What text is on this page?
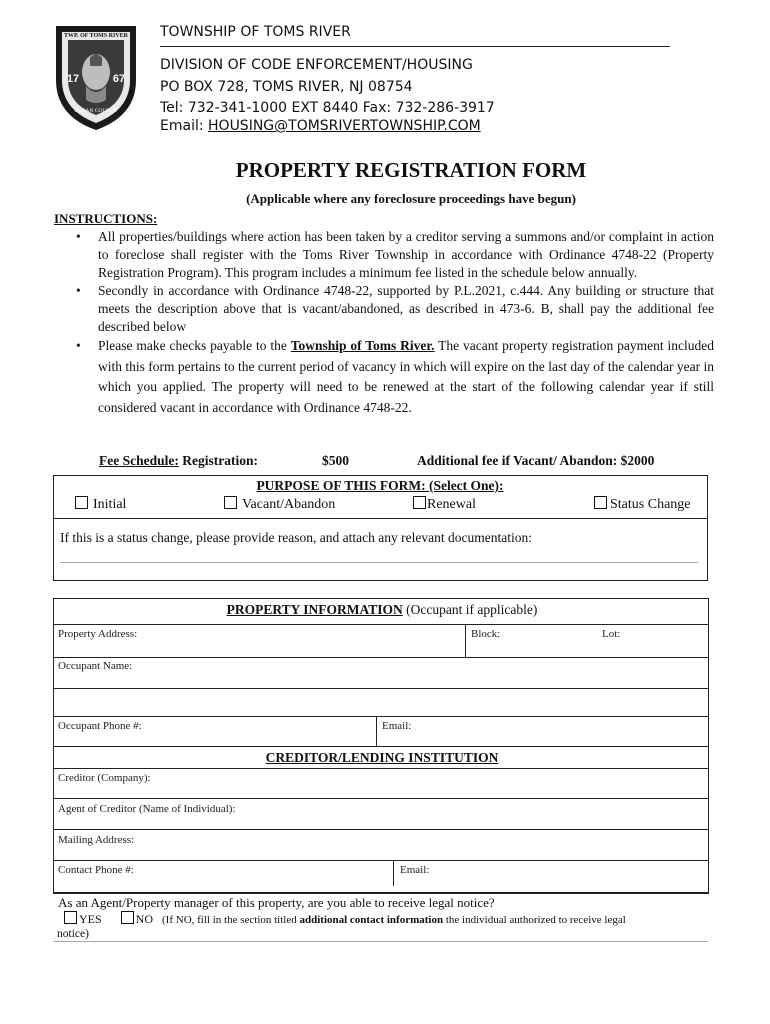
TWP. OF TOMS RIVER
17	67
OCEAN COUNTY
TOWNSHIP OF TOMS RIVER
DIVISION OF CODE ENFORCEMENT/HOUSING
PO BOX 728, TOMS RIVER, NJ 08754
Tel: 732-341-1000 EXT 8440 Fax: 732-286-3917
Email: HOUSING@TOMSRIVERTOWNSHIP.COM
PROPERTY REGISTRATION FORM
(Applicable where any foreclosure proceedings have begun)
INSTRUCTIONS:
• All properties/buildings where action has been taken by a creditor serving a summons and/or complaint in action to foreclose shall register with the Toms River Township in accordance with Ordinance 4748-22 (Property Registration Program). This program includes a minimum fee listed in the schedule below annually.
• Secondly in accordance with Ordinance 4748-22, supported by P.L.2021, c.444. Any building or structure that meets the description above that is vacant/abandoned, as described in 473-6. B, shall pay the additional fee described below
• Please make checks payable to the Township of Toms River. The vacant property registration payment included with this form pertains to the current period of vacancy in which will expire on the last day of the calendar year in which you applied. The property will need to be renewed at the start of the following calendar year if still considered vacant in accordance with Ordinance 4748-22.
Fee Schedule: Registration:	$500	Additional fee if Vacant/ Abandon: $2000
PURPOSE OF THIS FORM: (Select One):
Initial	Vacant/Abandon	Renewal	Status Change
If this is a status change, please provide reason, and attach any relevant documentation:
PROPERTY INFORMATION (Occupant if applicable)
Property Address:	Block:	Lot:
Occupant Name:
Occupant Phone #:	Email:
CREDITOR/LENDING INSTITUTION
Creditor (Company):
Agent of Creditor (Name of Individual):
Mailing Address:
Contact Phone #:	Email:
As an Agent/Property manager of this property, are you able to receive legal notice?
YES	NO (If NO, fill in the section titled additional contact information the individual authorized to receive legal
notice)
